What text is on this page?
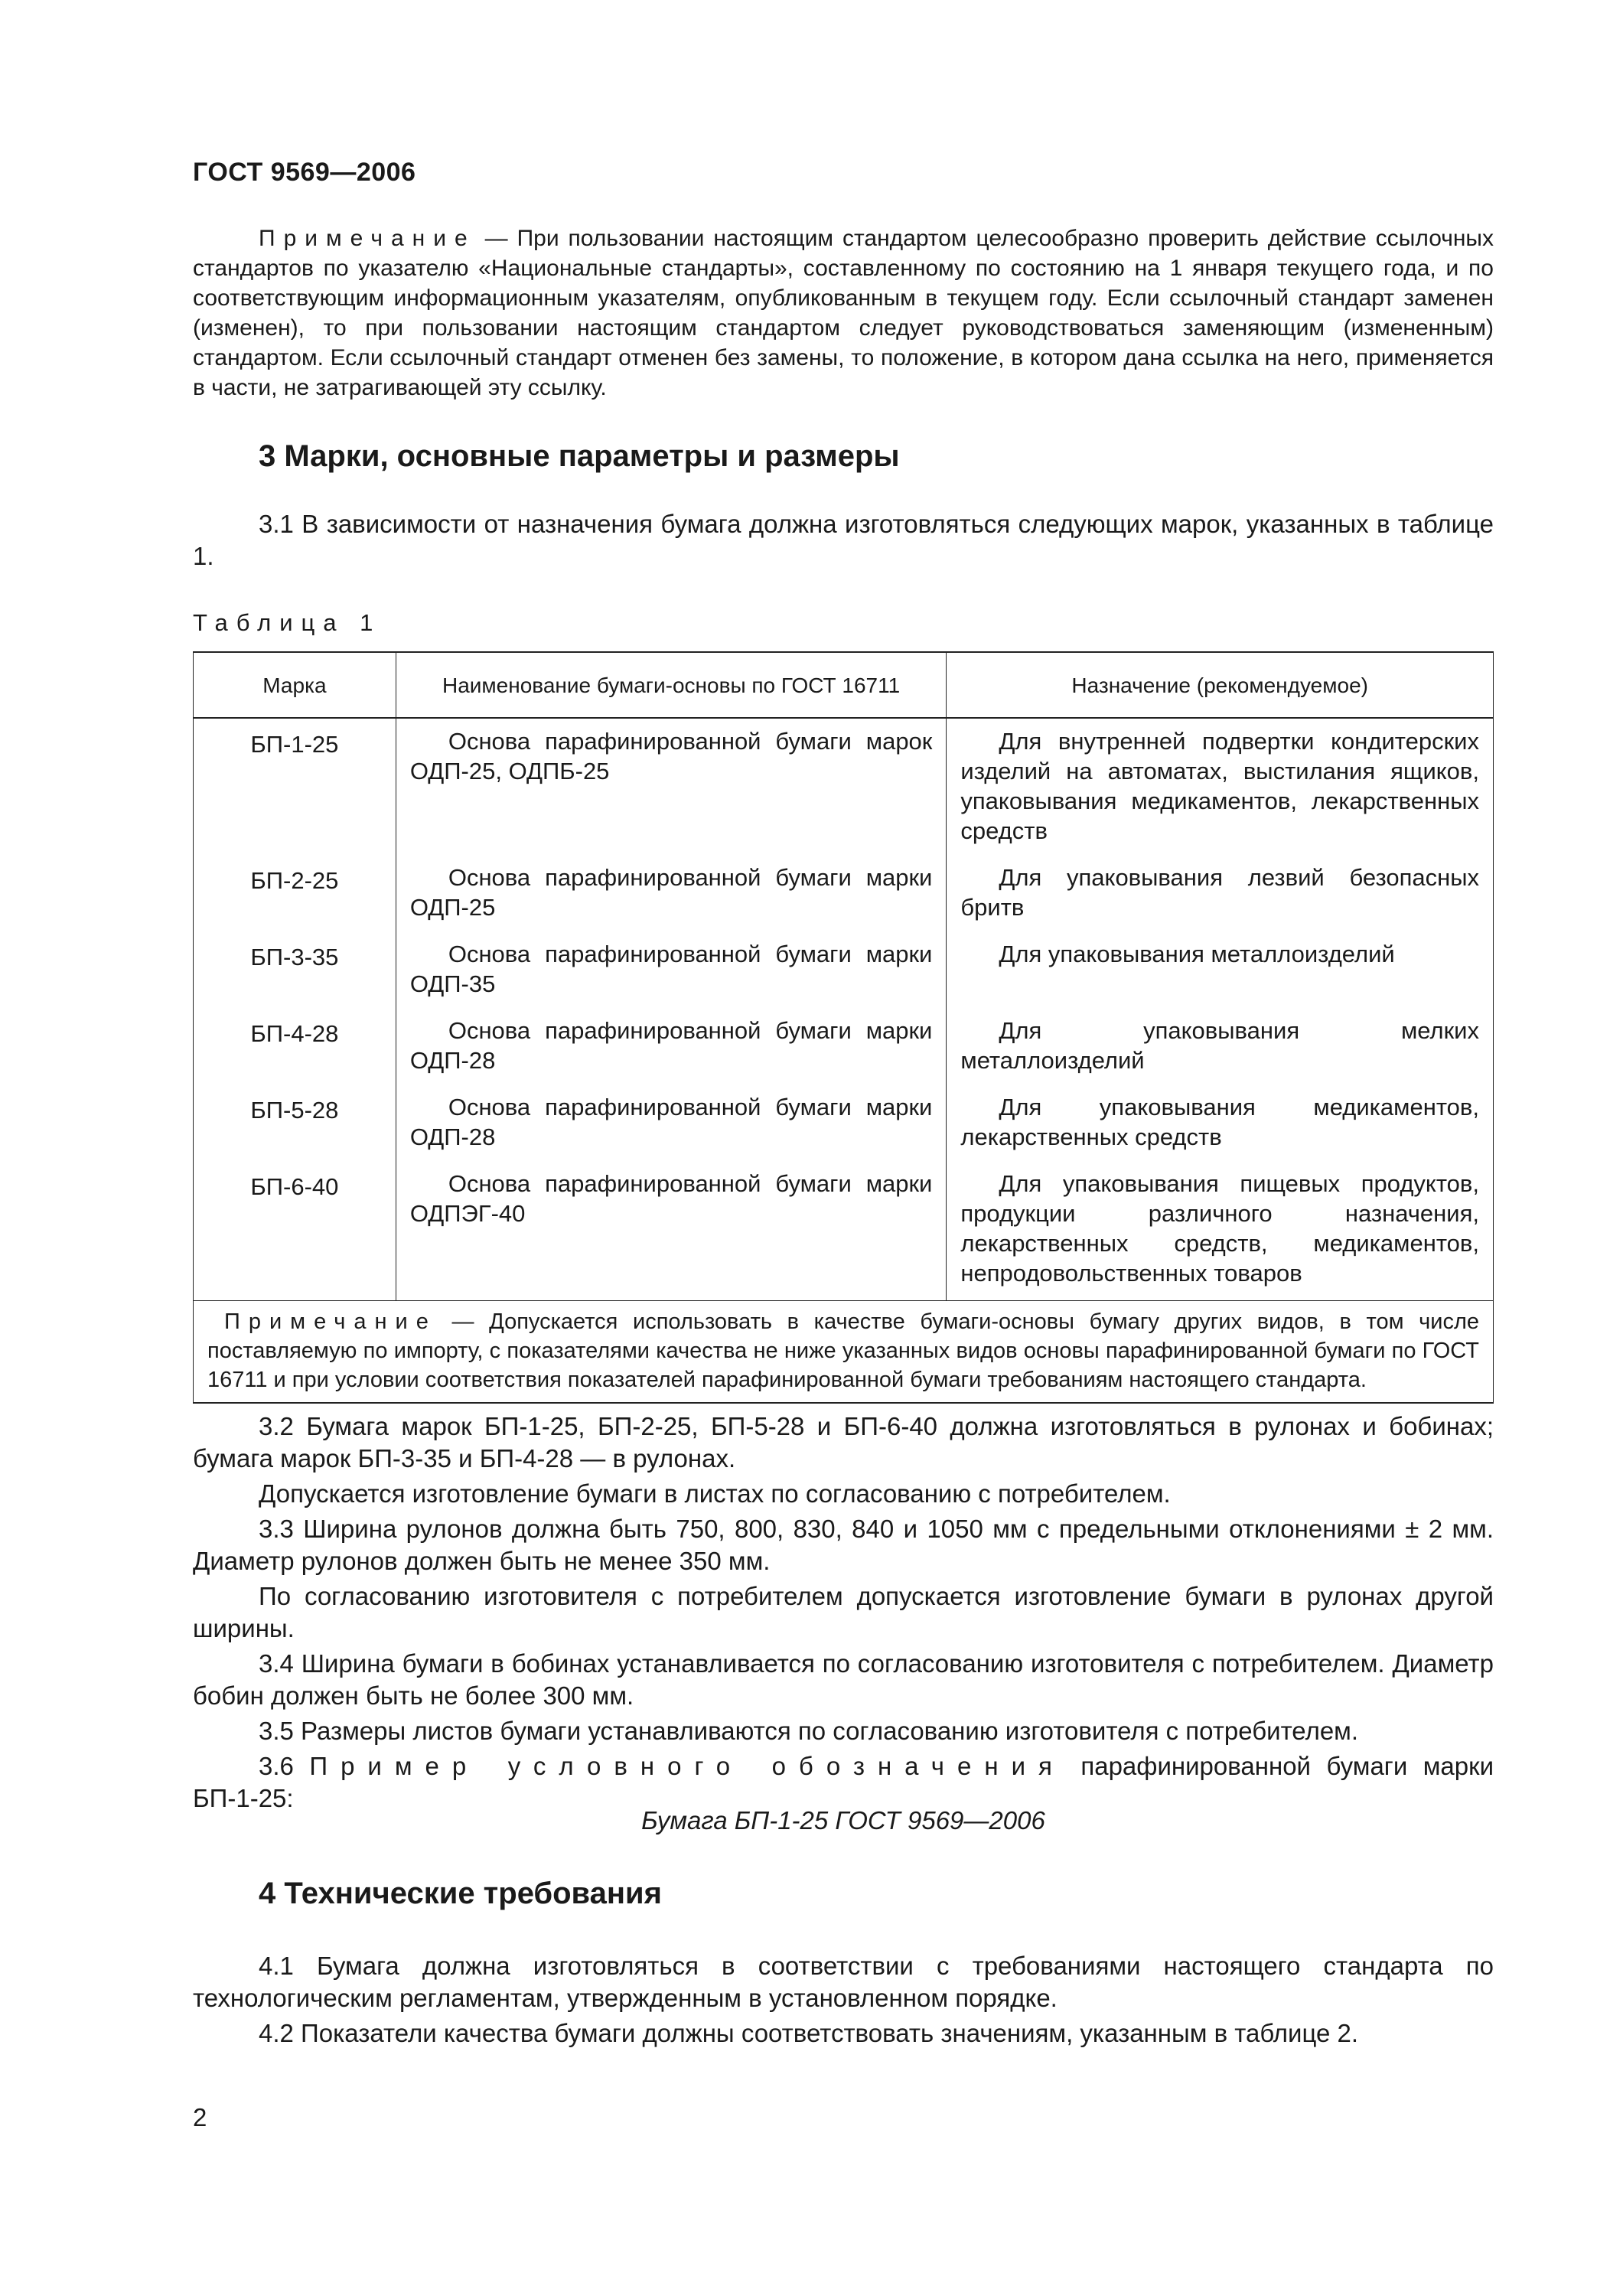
ГОСТ 9569—2006

Примечание — При пользовании настоящим стандартом целесообразно проверить действие ссылочных стандартов по указателю «Национальные стандарты», составленному по состоянию на 1 января текущего года, и по соответствующим информационным указателям, опубликованным в текущем году. Если ссылочный стандарт заменен (изменен), то при пользовании настоящим стандартом следует руководствоваться заменяющим (измененным) стандартом. Если ссылочный стандарт отменен без замены, то положение, в котором дана ссылка на него, применяется в части, не затрагивающей эту ссылку.

3 Марки, основные параметры и размеры

3.1 В зависимости от назначения бумага должна изготовляться следующих марок, указанных в таблице 1.

Таблица 1
Марка	Наименование бумаги-основы по ГОСТ 16711	Назначение (рекомендуемое)
БП-1-25	Основа парафинированной бумаги марок ОДП-25, ОДПБ-25	Для внутренней подвертки кондитерских изделий на автоматах, выстилания ящиков, упаковывания медикаментов, лекарственных средств
БП-2-25	Основа парафинированной бумаги марки ОДП-25	Для упаковывания лезвий безопасных бритв
БП-3-35	Основа парафинированной бумаги марки ОДП-35	Для упаковывания металлоизделий
БП-4-28	Основа парафинированной бумаги марки ОДП-28	Для упаковывания мелких металлоизделий
БП-5-28	Основа парафинированной бумаги марки ОДП-28	Для упаковывания медикаментов, лекарственных средств
БП-6-40	Основа парафинированной бумаги марки ОДПЭГ-40	Для упаковывания пищевых продуктов, продукции различного назначения, лекарственных средств, медикаментов, непродовольственных товаров
Примечание — Допускается использовать в качестве бумаги-основы бумагу других видов, в том числе поставляемую по импорту, с показателями качества не ниже указанных видов основы парафинированной бумаги по ГОСТ 16711 и при условии соответствия показателей парафинированной бумаги требованиям настоящего стандарта.		

3.2 Бумага марок БП-1-25, БП-2-25, БП-5-28 и БП-6-40 должна изготовляться в рулонах и бобинах; бумага марок БП-3-35 и БП-4-28 — в рулонах.

Допускается изготовление бумаги в листах по согласованию с потребителем.

3.3 Ширина рулонов должна быть 750, 800, 830, 840 и 1050 мм с предельными отклонениями ± 2 мм. Диаметр рулонов должен быть не менее 350 мм.

По согласованию изготовителя с потребителем допускается изготовление бумаги в рулонах другой ширины.

3.4 Ширина бумаги в бобинах устанавливается по согласованию изготовителя с потребителем. Диаметр бобин должен быть не более 300 мм.

3.5 Размеры листов бумаги устанавливаются по согласованию изготовителя с потребителем.

3.6 Пример условного обозначения парафинированной бумаги марки БП-1-25:

Бумага БП-1-25 ГОСТ 9569—2006
4 Технические требования

4.1 Бумага должна изготовляться в соответствии с требованиями настоящего стандарта по технологическим регламентам, утвержденным в установленном порядке.

4.2 Показатели качества бумаги должны соответствовать значениям, указанным в таблице 2.

2
